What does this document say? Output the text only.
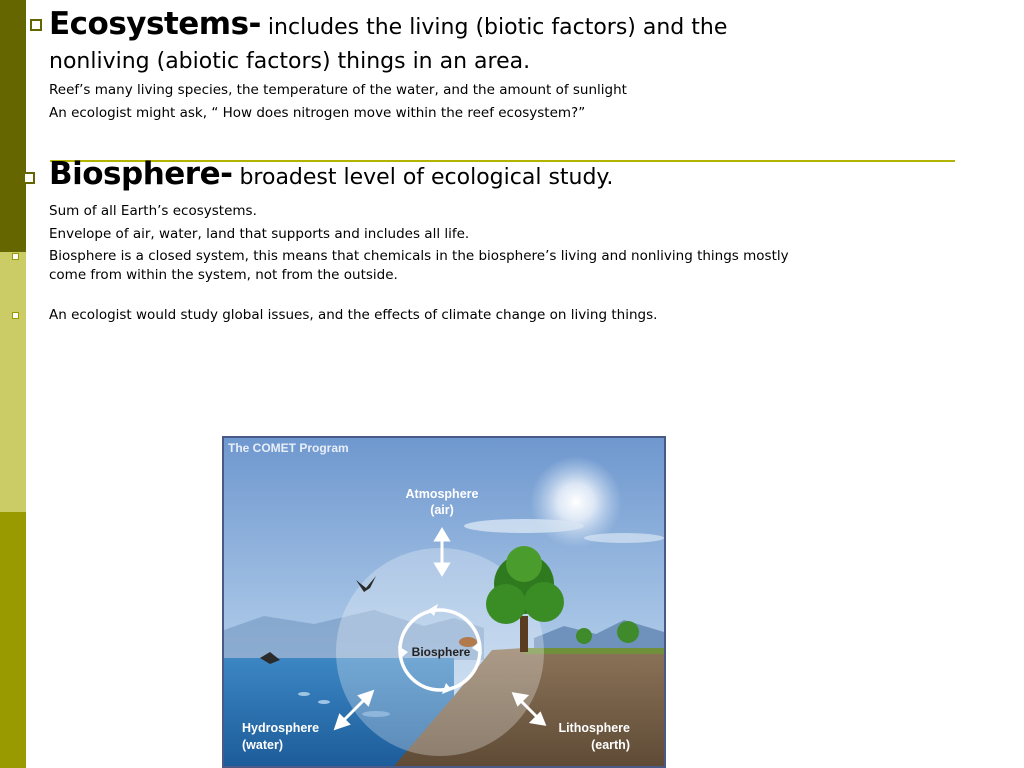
Ecosystems- includes the living (biotic factors) and the
nonliving (abiotic factors) things in an area.
Reef’s many living species, the temperature of the water, and the amount of sunlight
An ecologist might ask, “ How does nitrogen move within the reef ecosystem?”
Biosphere- broadest level of ecological study.
Sum of all Earth’s ecosystems.
Envelope of air, water, land that supports and includes all life.
Biosphere is a closed system, this means that chemicals in the biosphere’s living and nonliving things mostly
come from within the system, not from the outside.
An ecologist would study global issues, and the effects of climate change on living things.
The COMET Program
Atmosphere
(air)
Biosphere
Hydrosphere
(water)
Lithosphere
(earth)
